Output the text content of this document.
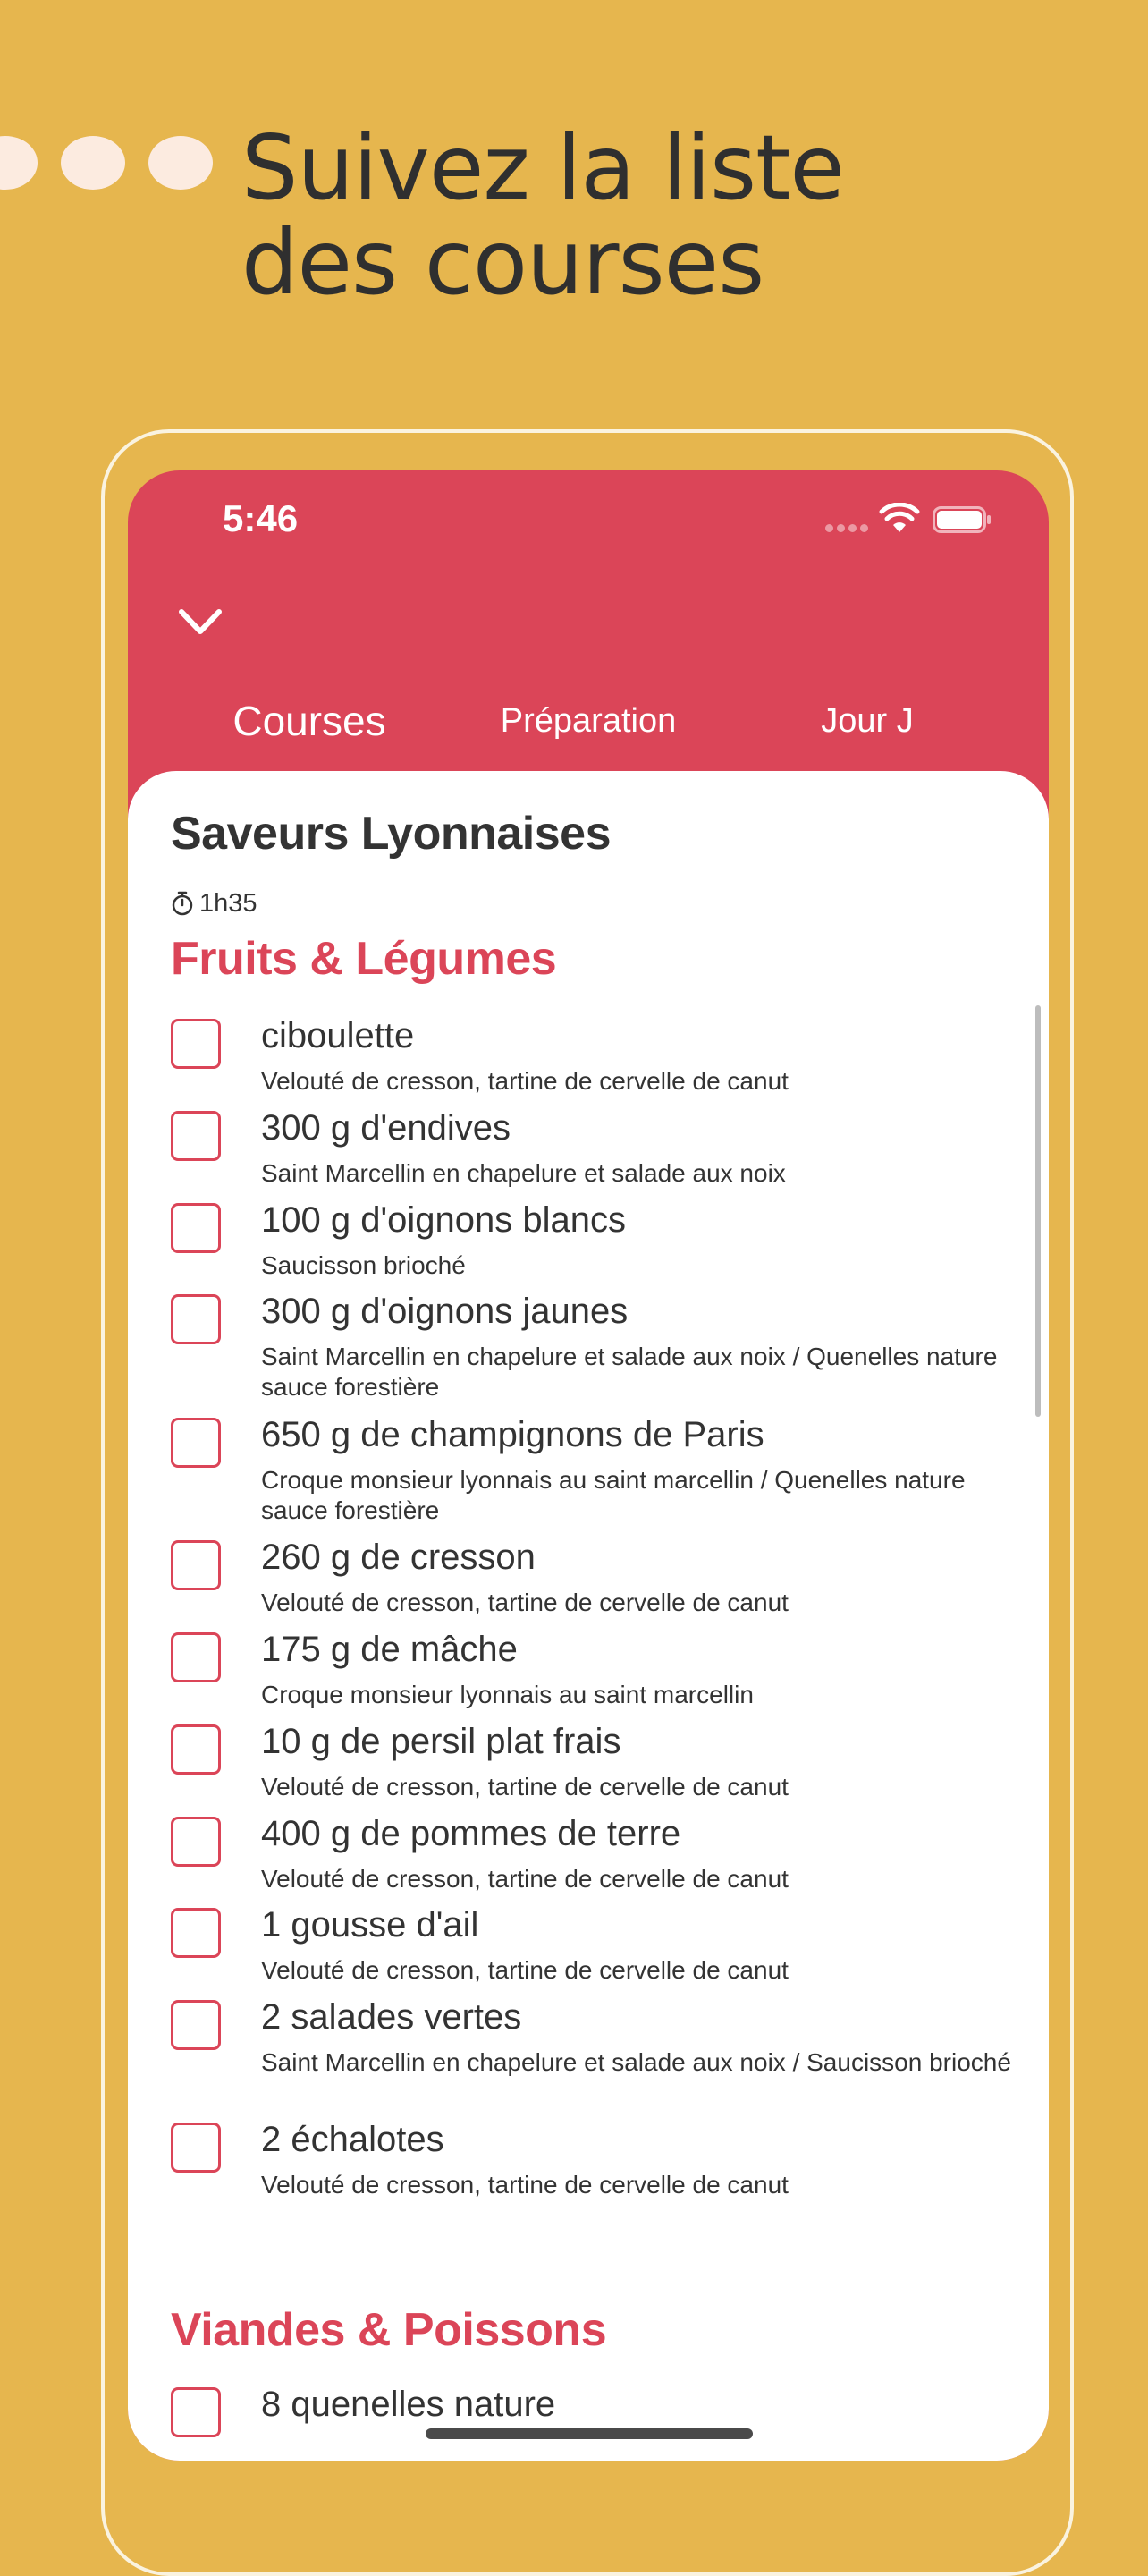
Suivez la liste
des courses
5:46
Courses	Préparation	Jour J
Saveurs Lyonnaises
1h35
Fruits & Légumes
ciboulette
Velouté de cresson, tartine de cervelle de canut
300 g d'endives
Saint Marcellin en chapelure et salade aux noix
100 g d'oignons blancs
Saucisson brioché
300 g d'oignons jaunes
Saint Marcellin en chapelure et salade aux noix / Quenelles nature sauce forestière
650 g de champignons de Paris
Croque monsieur lyonnais au saint marcellin / Quenelles nature sauce forestière
260 g de cresson
Velouté de cresson, tartine de cervelle de canut
175 g de mâche
Croque monsieur lyonnais au saint marcellin
10 g de persil plat frais
Velouté de cresson, tartine de cervelle de canut
400 g de pommes de terre
Velouté de cresson, tartine de cervelle de canut
1 gousse d'ail
Velouté de cresson, tartine de cervelle de canut
2 salades vertes
Saint Marcellin en chapelure et salade aux noix / Saucisson brioché
2 échalotes
Velouté de cresson, tartine de cervelle de canut
Viandes & Poissons
8 quenelles nature
